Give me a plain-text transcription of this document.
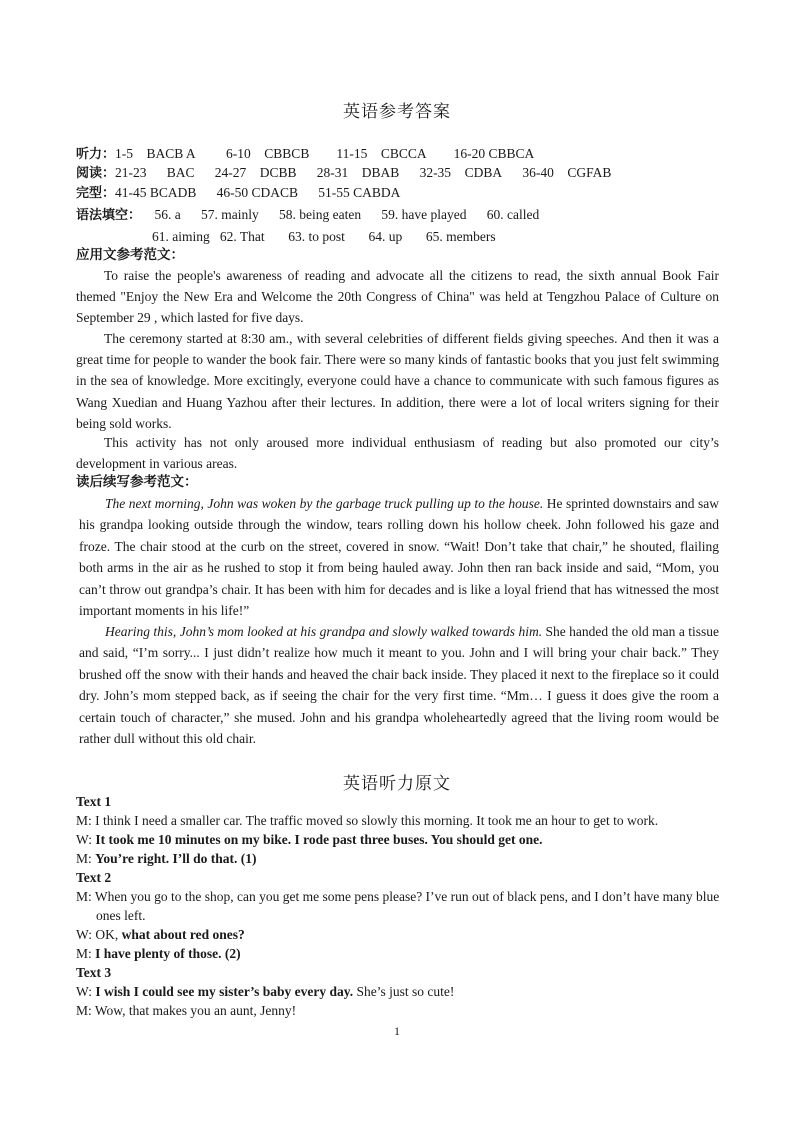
英语参考答案
听力：1-5 BACB A 6-10 CBBCB 11-15 CBCCA 16-20 CBBCA
阅读：21-23 BAC 24-27 DCBB 28-31 DBAB 32-35 CDBA 36-40 CGFAB
完型：41-45 BCADB 46-50 CDACB 51-55 CABDA
语法填空： 56. a 57. mainly 58. being eaten 59. have played 60. called
61. aiming 62. That 63. to post 64. up 65. members
应用文参考范文：

To raise the people's awareness of reading and advocate all the citizens to read, the sixth annual Book Fair themed "Enjoy the New Era and Welcome the 20th Congress of China" was held at Tengzhou Palace of Culture on September 29 , which lasted for five days.

The ceremony started at 8:30 am., with several celebrities of different fields giving speeches. And then it was a great time for people to wander the book fair. There were so many kinds of fantastic books that you just felt swimming in the sea of knowledge. More excitingly, everyone could have a chance to communicate with such famous figures as Wang Xuedian and Huang Yazhou after their lectures. In addition, there were a lot of local writers signing for their being sold works.

This activity has not only aroused more individual enthusiasm of reading but also promoted our city’s development in various areas.

读后续写参考范文：

The next morning, John was woken by the garbage truck pulling up to the house. He sprinted downstairs and saw his grandpa looking outside through the window, tears rolling down his hollow cheek. John followed his gaze and froze. The chair stood at the curb on the street, covered in snow. “Wait! Don’t take that chair,” he shouted, flailing both arms in the air as he rushed to stop it from being hauled away. John then ran back inside and said, “Mom, you can’t throw out grandpa’s chair. It has been with him for decades and is like a loyal friend that has witnessed the most important moments in his life!”

Hearing this, John’s mom looked at his grandpa and slowly walked towards him. She handed the old man a tissue and said, “I’m sorry... I just didn’t realize how much it meant to you. John and I will bring your chair back.” They brushed off the snow with their hands and heaved the chair back inside. They placed it next to the fireplace so it could dry. John’s mom stepped back, as if seeing the chair for the very first time. “Mm… I guess it does give the room a certain touch of character,” she mused. John and his grandpa wholeheartedly agreed that the living room would be rather dull without this old chair.

英语听力原文
Text 1
M: I think I need a smaller car. The traffic moved so slowly this morning. It took me an hour to get to work.
W: It took me 10 minutes on my bike. I rode past three buses. You should get one.
M: You’re right. I’ll do that. (1)
Text 2
M: When you go to the shop, can you get me some pens please? I’ve run out of black pens, and I don’t have many blue ones left.
W: OK, what about red ones?
M: I have plenty of those. (2)
Text 3
W: I wish I could see my sister’s baby every day. She’s just so cute!
M: Wow, that makes you an aunt, Jenny!
1
